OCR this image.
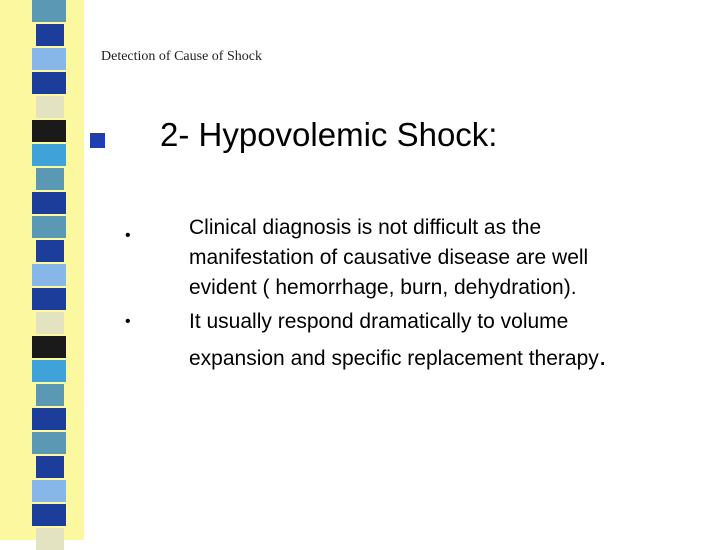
Detection of Cause of Shock
2- Hypovolemic Shock:
•	Clinical diagnosis is not difficult as the
manifestation of causative disease are well
evident ( hemorrhage, burn, dehydration).
•	It usually respond dramatically to volume
expansion and specific replacement therapy.
